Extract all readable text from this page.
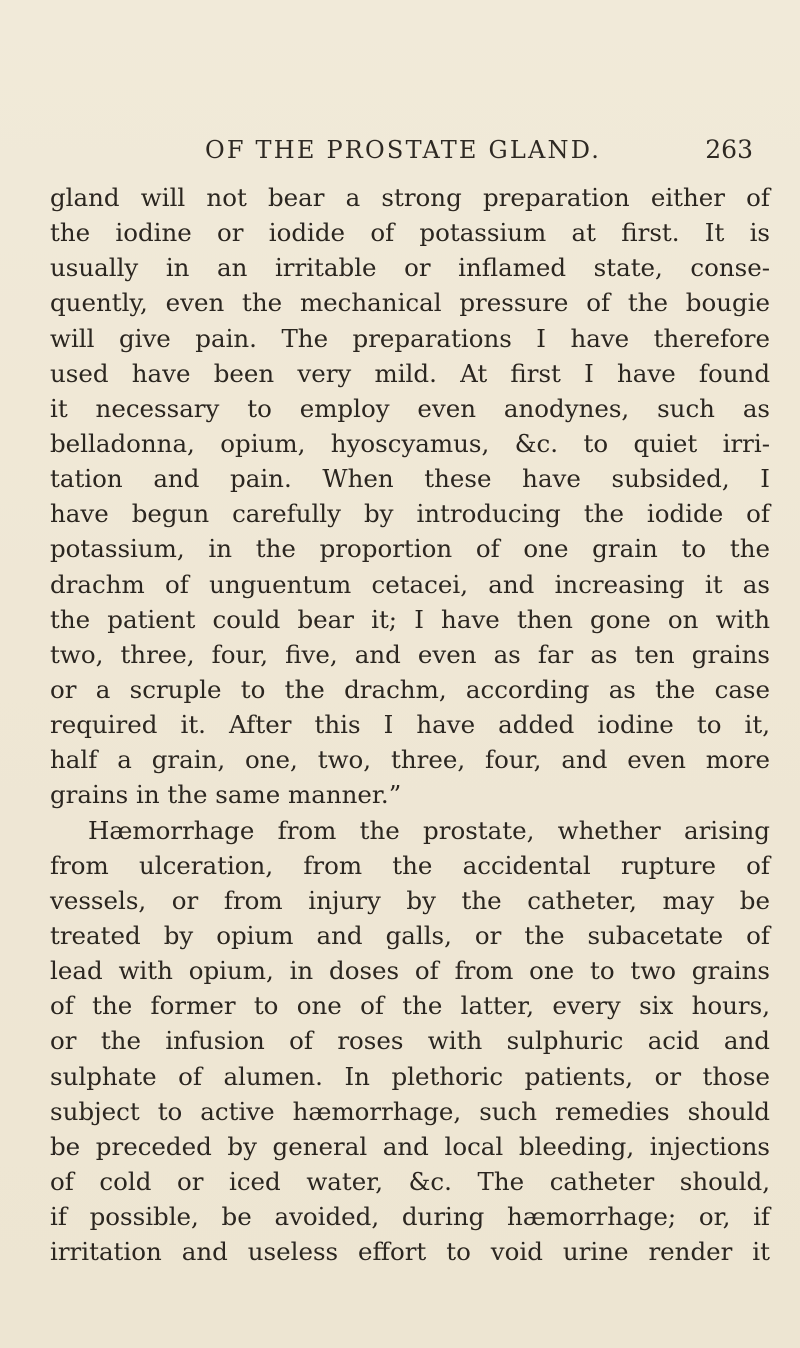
OF THE PROSTATE GLAND.	263
gland will not bear a strong preparation either of
the iodine or iodide of potassium at first. It is
usually in an irritable or inflamed state, conse-
quently, even the mechanical pressure of the bougie
will give pain. The preparations I have therefore
used have been very mild. At first I have found
it necessary to employ even anodynes, such as
belladonna, opium, hyoscyamus, &c. to quiet irri-
tation and pain. When these have subsided, I
have begun carefully by introducing the iodide of
potassium, in the proportion of one grain to the
drachm of unguentum cetacei, and increasing it as
the patient could bear it; I have then gone on with
two, three, four, five, and even as far as ten grains
or a scruple to the drachm, according as the case
required it. After this I have added iodine to it,
half a grain, one, two, three, four, and even more
grains in the same manner.”
Hæmorrhage from the prostate, whether arising
from ulceration, from the accidental rupture of
vessels, or from injury by the catheter, may be
treated by opium and galls, or the subacetate of
lead with opium, in doses of from one to two grains
of the former to one of the latter, every six hours,
or the infusion of roses with sulphuric acid and
sulphate of alumen. In plethoric patients, or those
subject to active hæmorrhage, such remedies should
be preceded by general and local bleeding, injections
of cold or iced water, &c. The catheter should,
if possible, be avoided, during hæmorrhage; or, if
irritation and useless effort to void urine render it
